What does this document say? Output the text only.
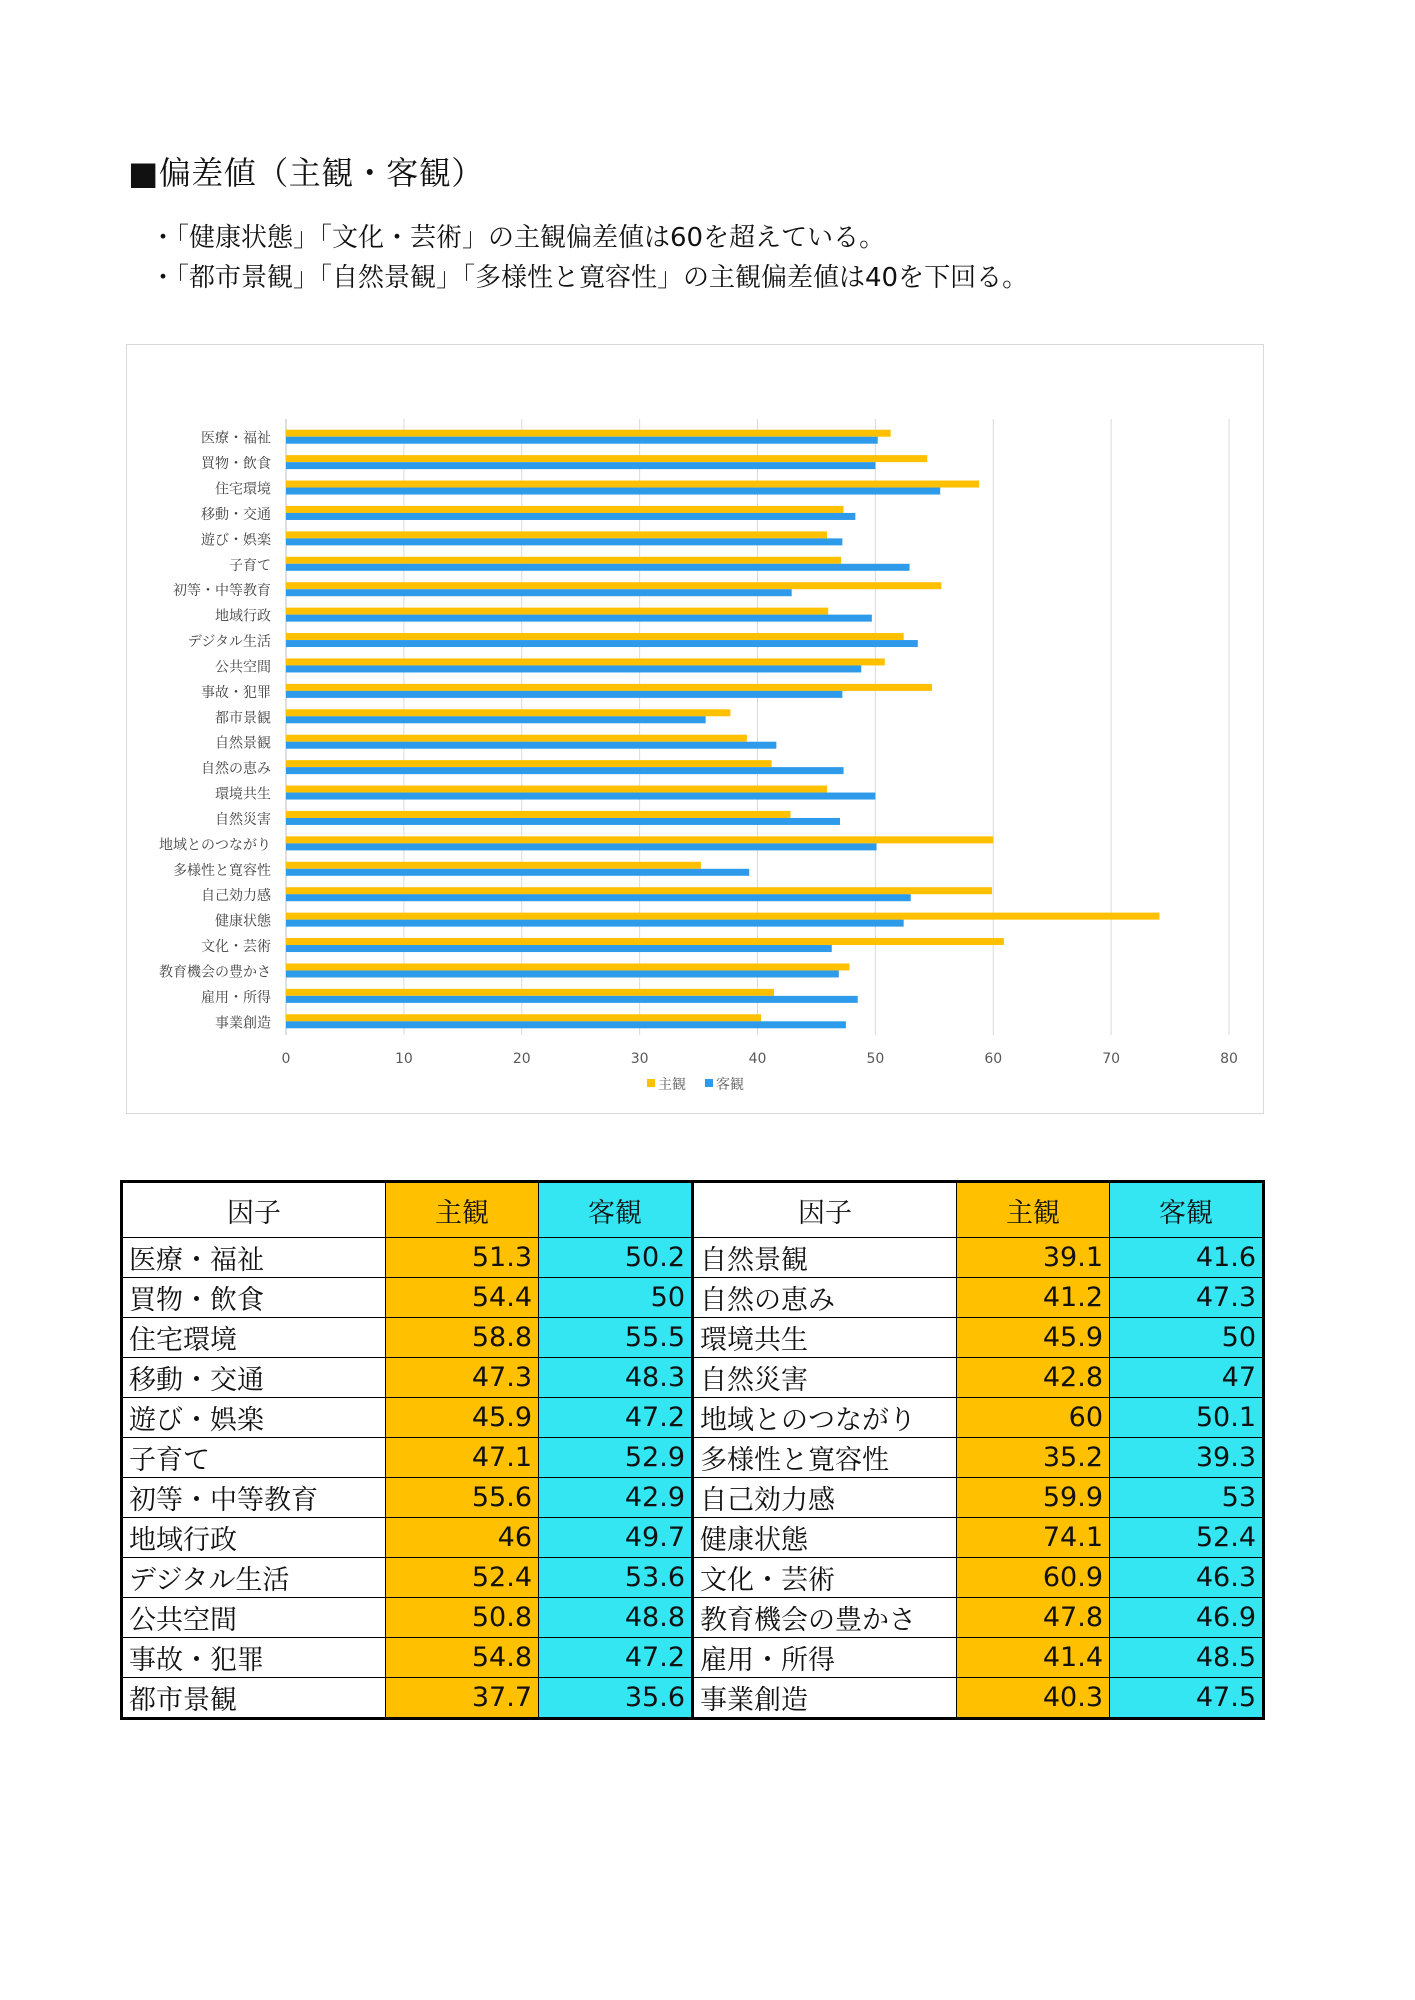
■偏差値（主観・客観）
・「健康状態」「文化・芸術」の主観偏差値は60を超えている。
・「都市景観」「自然景観」「多様性と寛容性」の主観偏差値は40を下回る。
0	10	20	30	40	50	60	70	80
医療・福祉
買物・飲食
住宅環境
移動・交通
遊び・娯楽
子育て
初等・中等教育
地域行政
デジタル生活
公共空間
事故・犯罪
都市景観
自然景観
自然の恵み
環境共生
自然災害
地域とのつながり
多様性と寛容性
自己効力感
健康状態
文化・芸術
教育機会の豊かさ
雇用・所得
事業創造
主観 客観
因子	主観	客観	因子	主観	客観
医療・福祉	51.3	50.2	自然景観	39.1	41.6
買物・飲食	54.4	50	自然の恵み	41.2	47.3
住宅環境	58.8	55.5	環境共生	45.9	50
移動・交通	47.3	48.3	自然災害	42.8	47
遊び・娯楽	45.9	47.2	地域とのつながり	60	50.1
子育て	47.1	52.9	多様性と寛容性	35.2	39.3
初等・中等教育	55.6	42.9	自己効力感	59.9	53
地域行政	46	49.7	健康状態	74.1	52.4
デジタル生活	52.4	53.6	文化・芸術	60.9	46.3
公共空間	50.8	48.8	教育機会の豊かさ	47.8	46.9
事故・犯罪	54.8	47.2	雇用・所得	41.4	48.5
都市景観	37.7	35.6	事業創造	40.3	47.5
